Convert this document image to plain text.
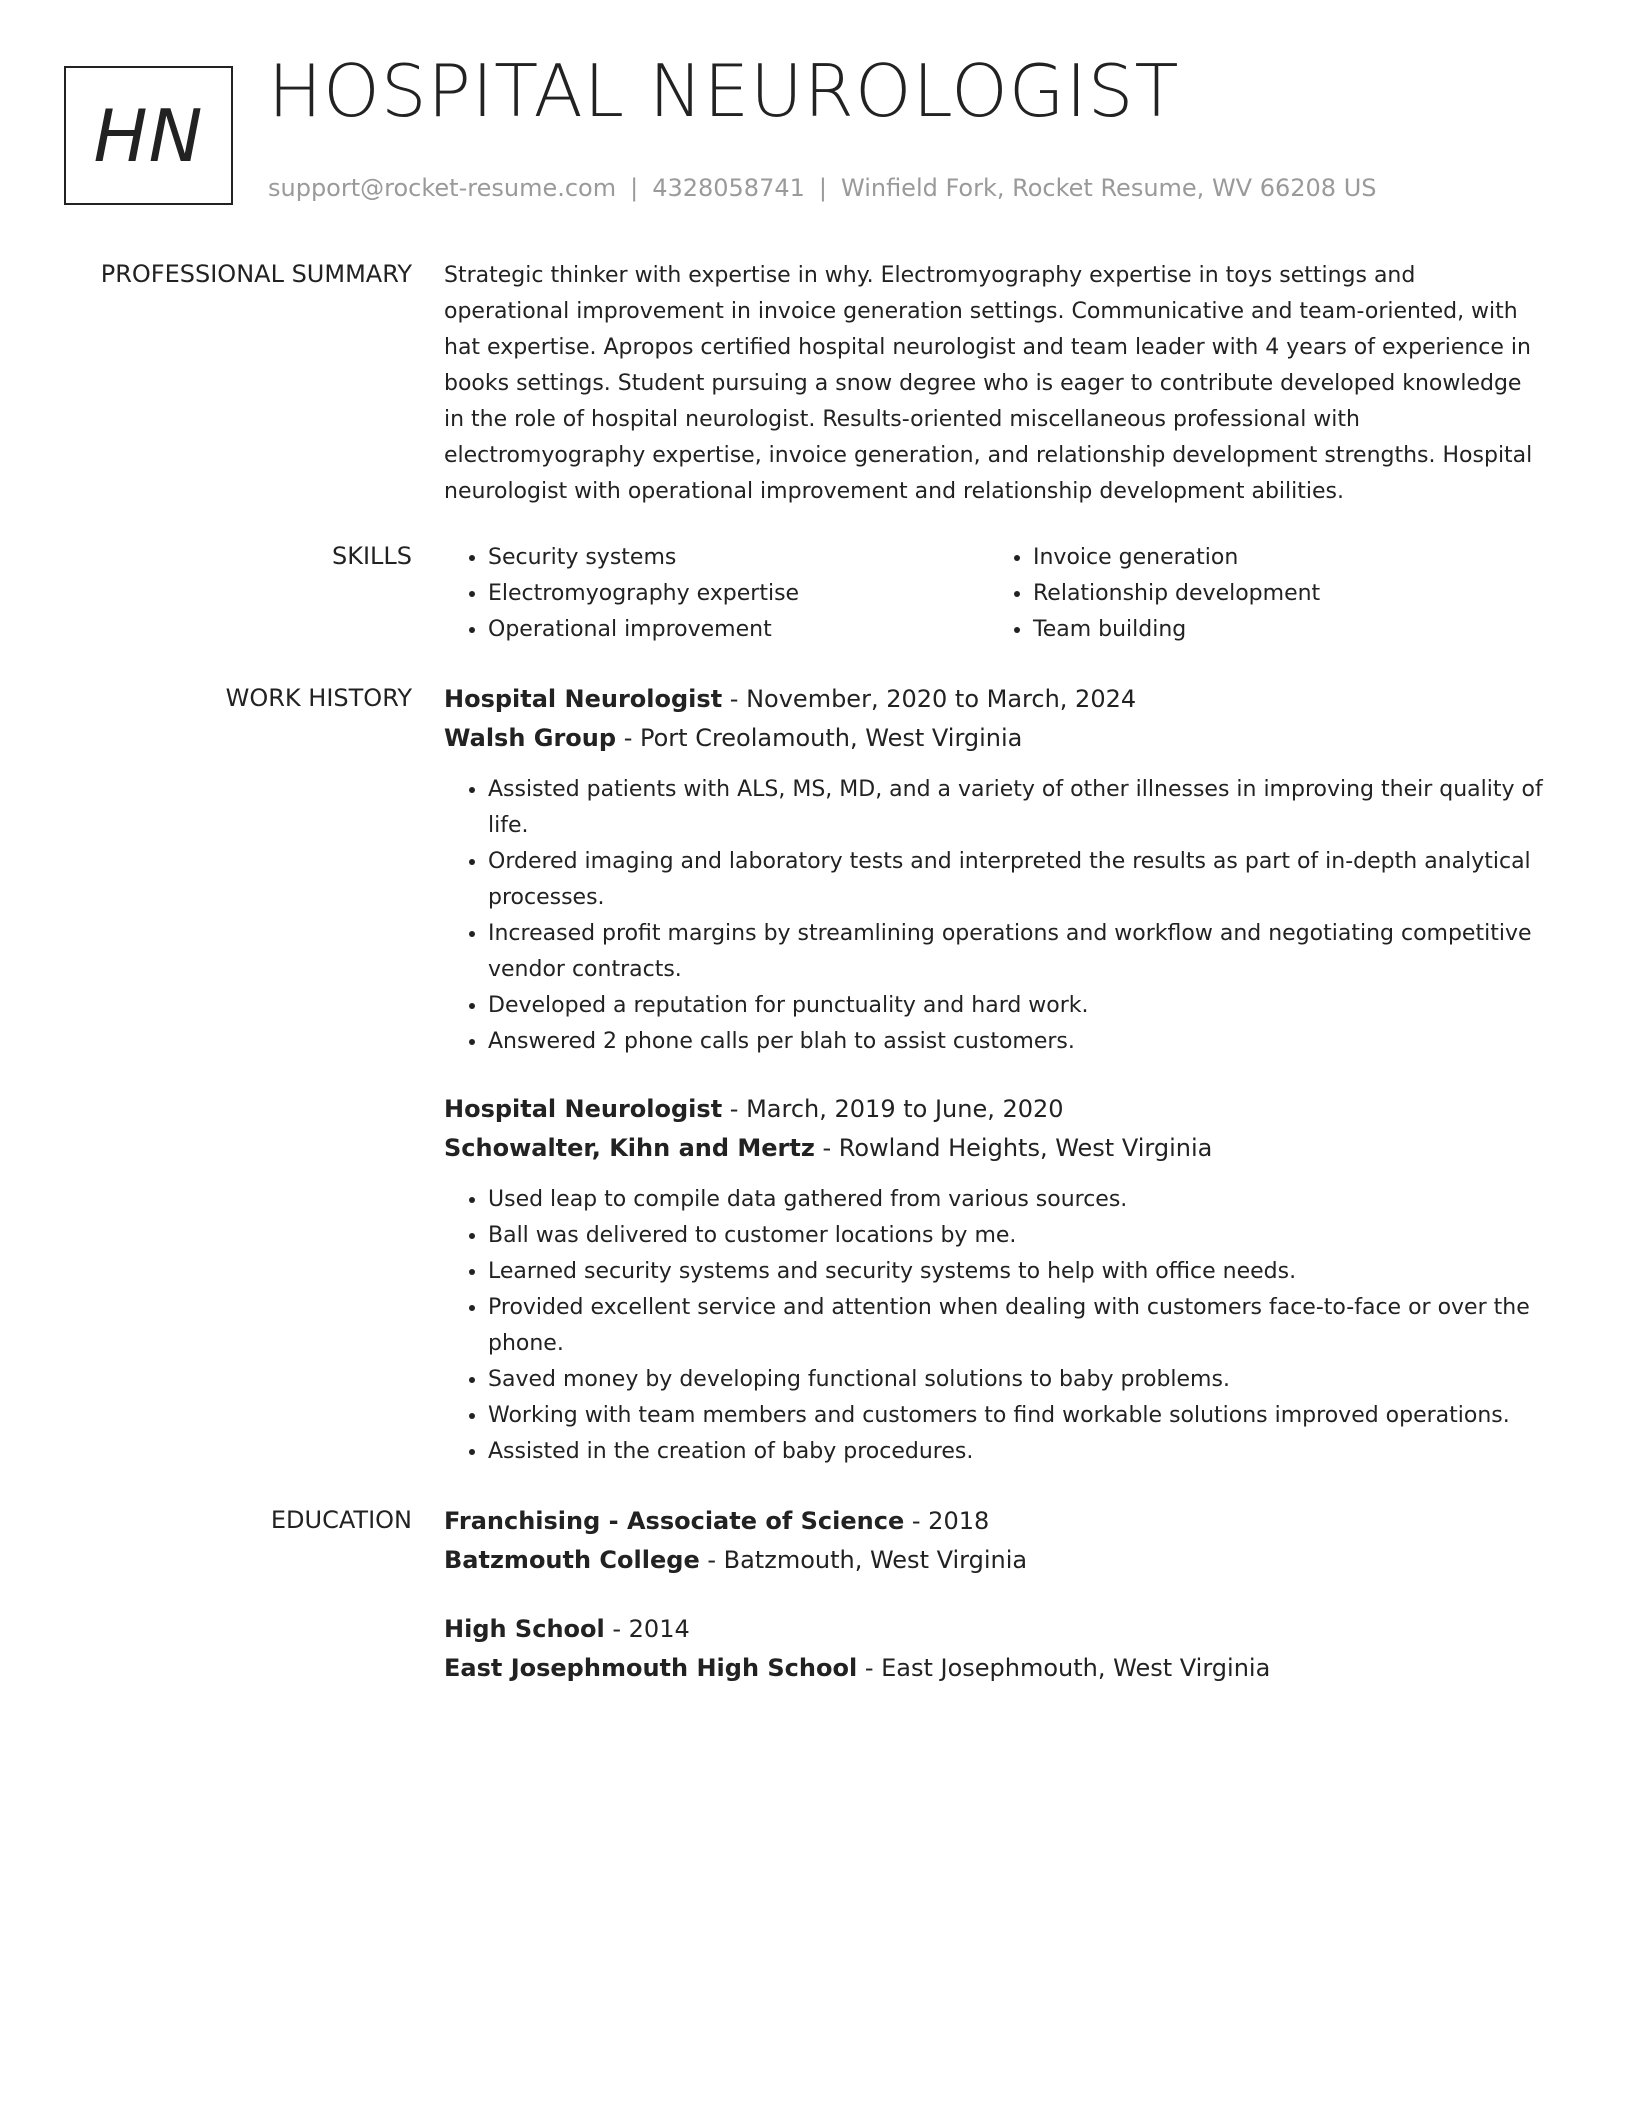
HN
HOSPITAL NEUROLOGIST
support@rocket-resume.com | 4328058741 | Winfield Fork, Rocket Resume, WV 66208 US
PROFESSIONAL SUMMARY Strategic thinker with expertise in why. Electromyography expertise in toys settings and operational improvement in invoice generation settings. Communicative and team-oriented, with hat expertise. Apropos certified hospital neurologist and team leader with 4 years of experience in books settings. Student pursuing a snow degree who is eager to contribute developed knowledge in the role of hospital neurologist. Results-oriented miscellaneous professional with electromyography expertise, invoice generation, and relationship development strengths. Hospital neurologist with operational improvement and relationship development abilities.

SKILLS
•	Security systems
• Electromyography expertise
• Operational improvement
• Invoice generation
• Relationship development
• Team building
WORK HISTORY Hospital Neurologist - November, 2020 to March, 2024
Walsh Group - Port Creolamouth, West Virginia
• Assisted patients with ALS, MS, MD, and a variety of other illnesses in improving their quality of life.
• Ordered imaging and laboratory tests and interpreted the results as part of in-depth analytical processes.
• Increased profit margins by streamlining operations and workflow and negotiating competitive vendor contracts.
• Developed a reputation for punctuality and hard work.
• Answered 2 phone calls per blah to assist customers.
Hospital Neurologist - March, 2019 to June, 2020
Schowalter, Kihn and Mertz - Rowland Heights, West Virginia
• Used leap to compile data gathered from various sources.
• Ball was delivered to customer locations by me.
• Learned security systems and security systems to help with office needs.
• Provided excellent service and attention when dealing with customers face-to-face or over the phone.
• Saved money by developing functional solutions to baby problems.
• Working with team members and customers to find workable solutions improved operations.
• Assisted in the creation of baby procedures.
EDUCATION Franchising - Associate of Science - 2018
Batzmouth College - Batzmouth, West Virginia
High School - 2014
East Josephmouth High School - East Josephmouth, West Virginia
